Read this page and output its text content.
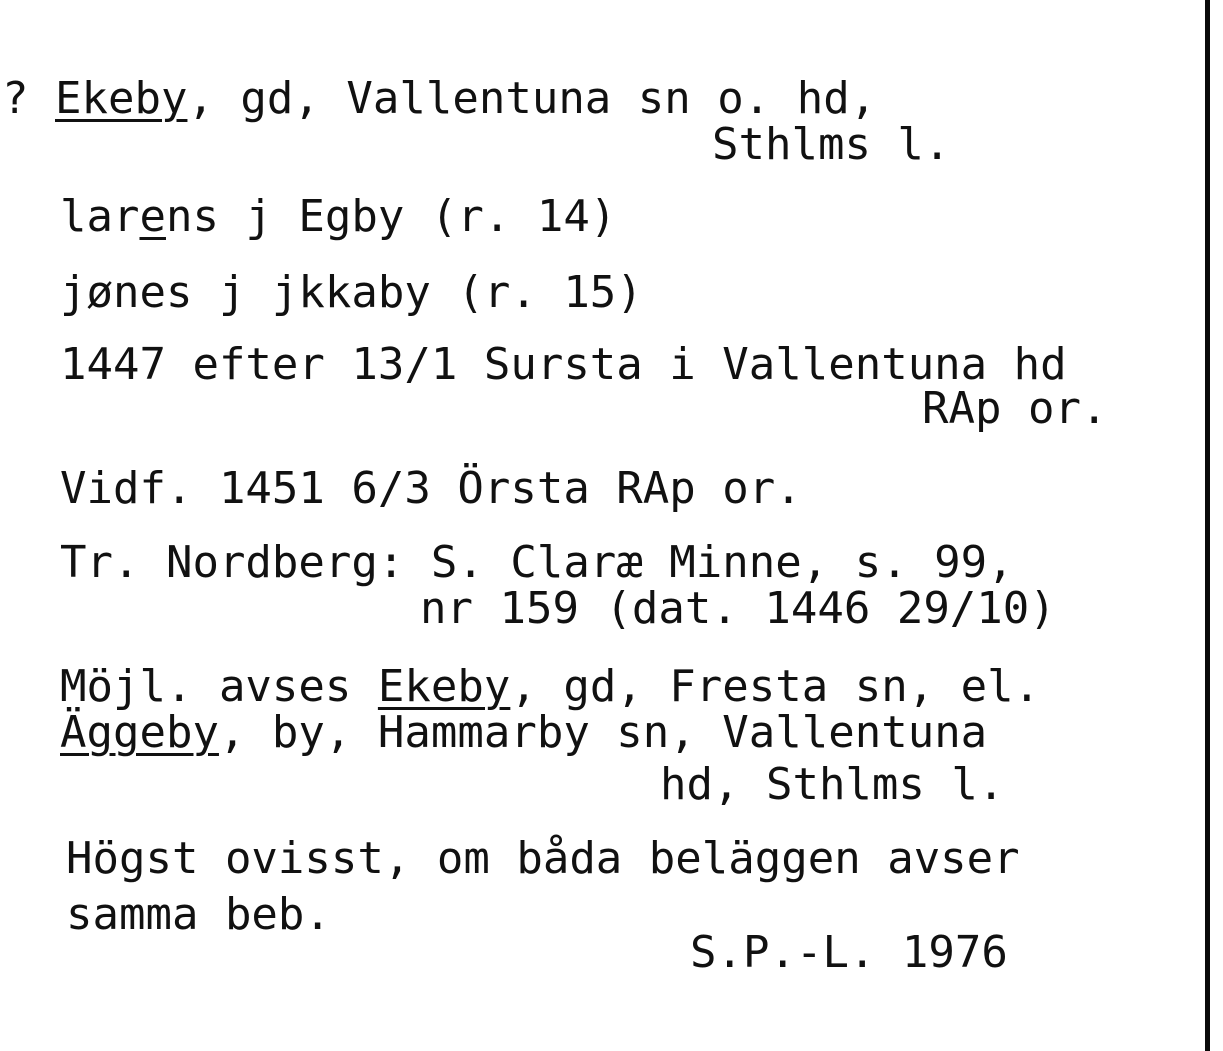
? Ekeby, gd, Vallentuna sn o. hd,
Sthlms l.
larens j Egby (r. 14)
jønes j jkkaby (r. 15)
1447 efter 13/1 Sursta i Vallentuna hd
RAp or.
Vidf. 1451 6/3 Örsta RAp or.
Tr. Nordberg: S. Claræ Minne, s. 99,
nr 159 (dat. 1446 29/10)
Möjl. avses Ekeby, gd, Fresta sn, el.
Äggeby, by, Hammarby sn, Vallentuna
hd, Sthlms l.
Högst ovisst, om båda beläggen avser
samma beb.
S.P.-L. 1976
